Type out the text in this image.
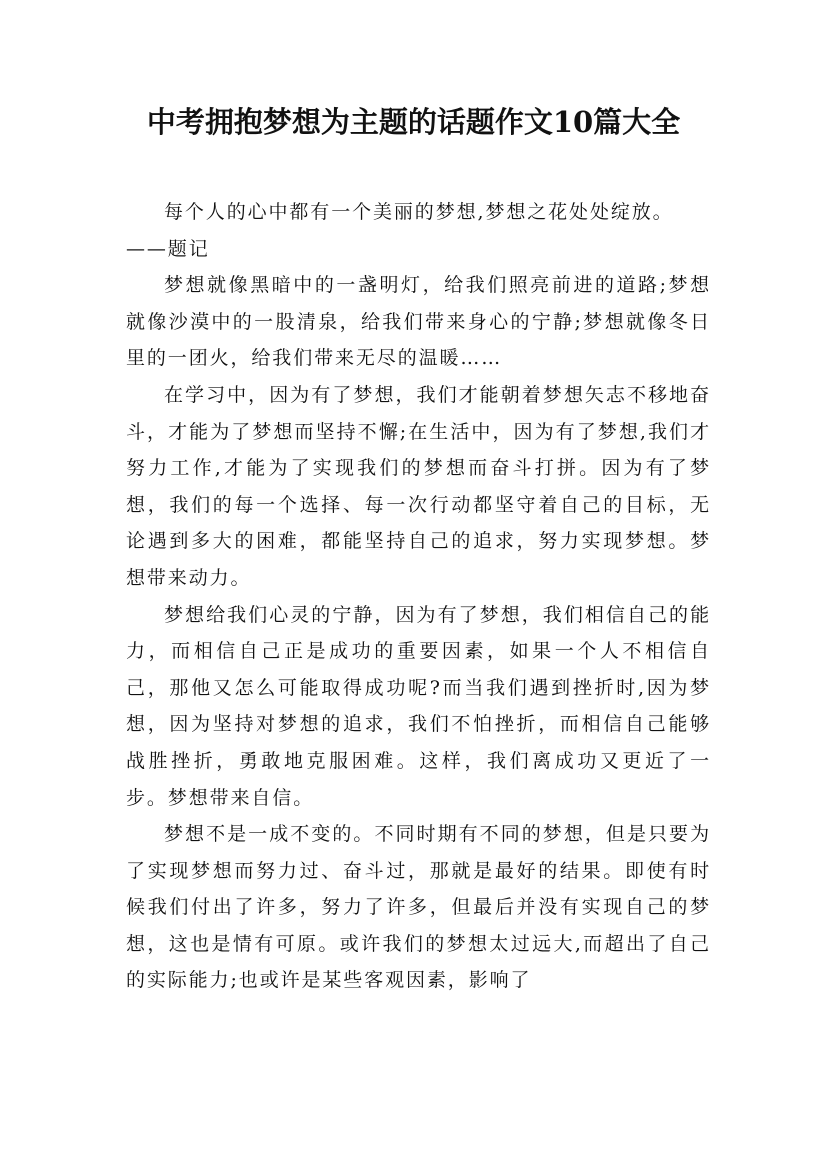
中考拥抱梦想为主题的话题作文10篇大全

每个人的心中都有一个美丽的梦想,梦想之花处处绽放。

——题记

梦想就像黑暗中的一盏明灯，给我们照亮前进的道路;梦想就像沙漠中的一股清泉，给我们带来身心的宁静;梦想就像冬日里的一团火，给我们带来无尽的温暖……

在学习中，因为有了梦想，我们才能朝着梦想矢志不移地奋斗，才能为了梦想而坚持不懈;在生活中，因为有了梦想,我们才努力工作,才能为了实现我们的梦想而奋斗打拼。因为有了梦想，我们的每一个选择、每一次行动都坚守着自己的目标，无论遇到多大的困难，都能坚持自己的追求，努力实现梦想。梦想带来动力。

梦想给我们心灵的宁静，因为有了梦想，我们相信自己的能力，而相信自己正是成功的重要因素，如果一个人不相信自己，那他又怎么可能取得成功呢?而当我们遇到挫折时,因为梦想，因为坚持对梦想的追求，我们不怕挫折，而相信自己能够战胜挫折，勇敢地克服困难。这样，我们离成功又更近了一步。梦想带来自信。

梦想不是一成不变的。不同时期有不同的梦想，但是只要为了实现梦想而努力过、奋斗过，那就是最好的结果。即使有时候我们付出了许多，努力了许多，但最后并没有实现自己的梦想，这也是情有可原。或许我们的梦想太过远大,而超出了自己的实际能力;也或许是某些客观因素，影响了
